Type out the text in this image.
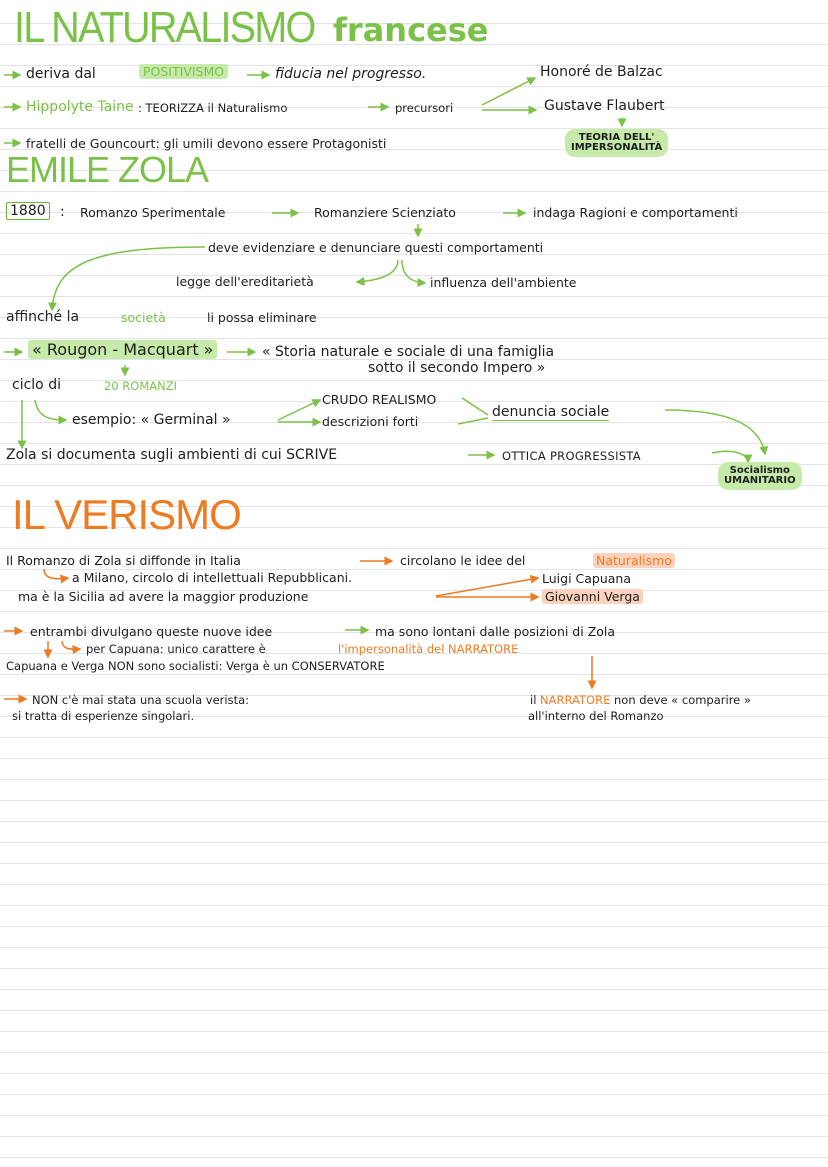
IL NATURALISMO francese
deriva dal	POSITIVISMO	fiducia nel progresso.	Honoré de Balzac
Hippolyte Taine : TEORIZZA il Naturalismo	precursori	Gustave Flaubert
TEORIA DELL'
IMPERSONALITÀ
fratelli de Gouncourt: gli umili devono essere Protagonisti
EMILE ZOLA
1880 : Romanzo Sperimentale	Romanziere Scienziato	indaga Ragioni e comportamenti
deve evidenziare e denunciare questi comportamenti
legge dell'ereditarietà	influenza dell'ambiente
affinché la	società	li possa eliminare
« Rougon - Macquart »	« Storia naturale e sociale di una famiglia
sotto il secondo Impero »
ciclo di	20 ROMANZI
CRUDO REALISMO
esempio: « Germinal »	descrizioni forti
denuncia sociale
Zola si documenta sugli ambienti di cui SCRIVE	OTTICA PROGRESSISTA
Socialismo
UMANITARIO
IL VERISMO
Il Romanzo di Zola si diffonde in Italia	circolano le idee del	Naturalismo
a Milano, circolo di intellettuali Repubblicani.	Luigi Capuana
ma è la Sicilia ad avere la maggior produzione	Giovanni Verga
entrambi divulgano queste nuove idee	ma sono lontani dalle posizioni di Zola
per Capuana: unico carattere è	l'impersonalità del NARRATORE
Capuana e Verga NON sono socialisti: Verga è un CONSERVATORE
NON c'è mai stata una scuola verista:
si tratta di esperienze singolari.
il NARRATORE non deve « comparire »
all'interno del Romanzo
